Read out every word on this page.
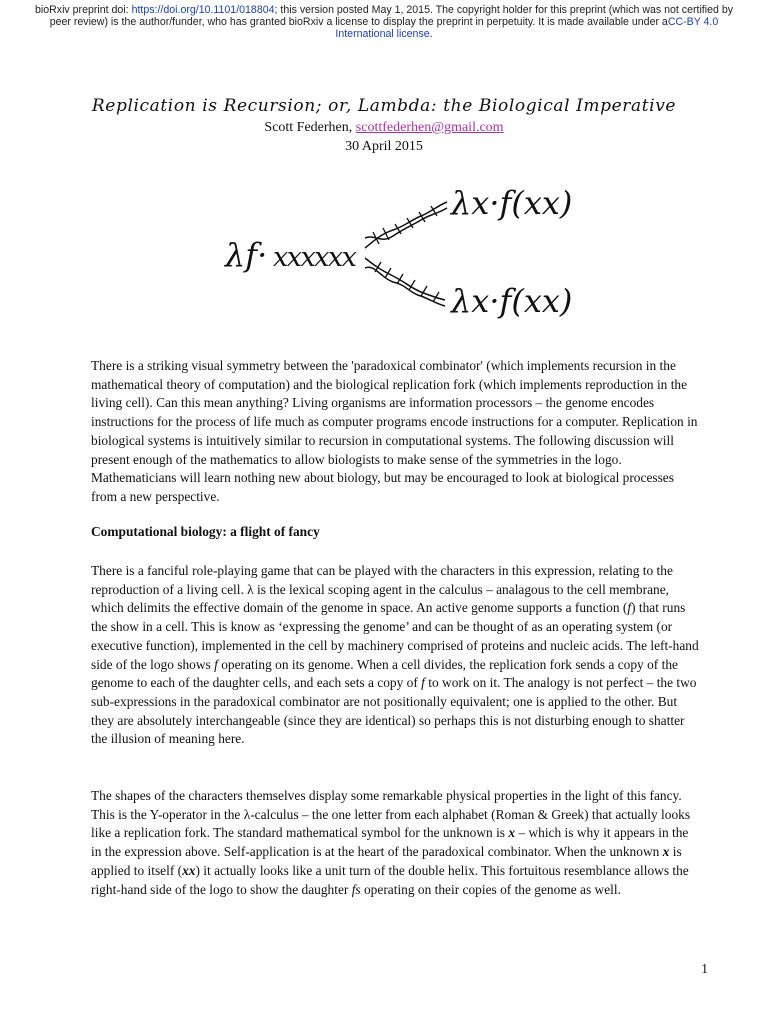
bioRxiv preprint doi: https://doi.org/10.1101/018804; this version posted May 1, 2015. The copyright holder for this preprint (which was not certified by peer review) is the author/funder, who has granted bioRxiv a license to display the preprint in perpetuity. It is made available under aCC-BY 4.0 International license.
Replication is Recursion; or, Lambda: the Biological Imperative
Scott Federhen, scottfederhen@gmail.com
30 April 2015
λf· xxxxxx
λx·f(xx)
λx·f(xx)

There is a striking visual symmetry between the 'paradoxical combinator' (which implements recursion in the mathematical theory of computation) and the biological replication fork (which implements reproduction in the living cell). Can this mean anything? Living organisms are information processors – the genome encodes instructions for the process of life much as computer programs encode instructions for a computer. Replication in biological systems is intuitively similar to recursion in computational systems. The following discussion will present enough of the mathematics to allow biologists to make sense of the symmetries in the logo. Mathematicians will learn nothing new about biology, but may be encouraged to look at biological processes from a new perspective.

Computational biology: a flight of fancy

There is a fanciful role-playing game that can be played with the characters in this expression, relating to the reproduction of a living cell. λ is the lexical scoping agent in the calculus – analagous to the cell membrane, which delimits the effective domain of the genome in space. An active genome supports a function (f) that runs the show in a cell. This is know as ‘expressing the genome’ and can be thought of as an operating system (or executive function), implemented in the cell by machinery comprised of proteins and nucleic acids. The left-hand side of the logo shows f operating on its genome. When a cell divides, the replication fork sends a copy of the genome to each of the daughter cells, and each sets a copy of f to work on it. The analogy is not perfect – the two sub-expressions in the paradoxical combinator are not positionally equivalent; one is applied to the other. But they are absolutely interchangeable (since they are identical) so perhaps this is not disturbing enough to shatter the illusion of meaning here.

The shapes of the characters themselves display some remarkable physical properties in the light of this fancy. This is the Y-operator in the λ-calculus – the one letter from each alphabet (Roman & Greek) that actually looks like a replication fork. The standard mathematical symbol for the unknown is x – which is why it appears in the in the expression above. Self-application is at the heart of the paradoxical combinator. When the unknown x is applied to itself (xx) it actually looks like a unit turn of the double helix. This fortuitous resemblance allows the right-hand side of the logo to show the daughter fs operating on their copies of the genome as well.

1
